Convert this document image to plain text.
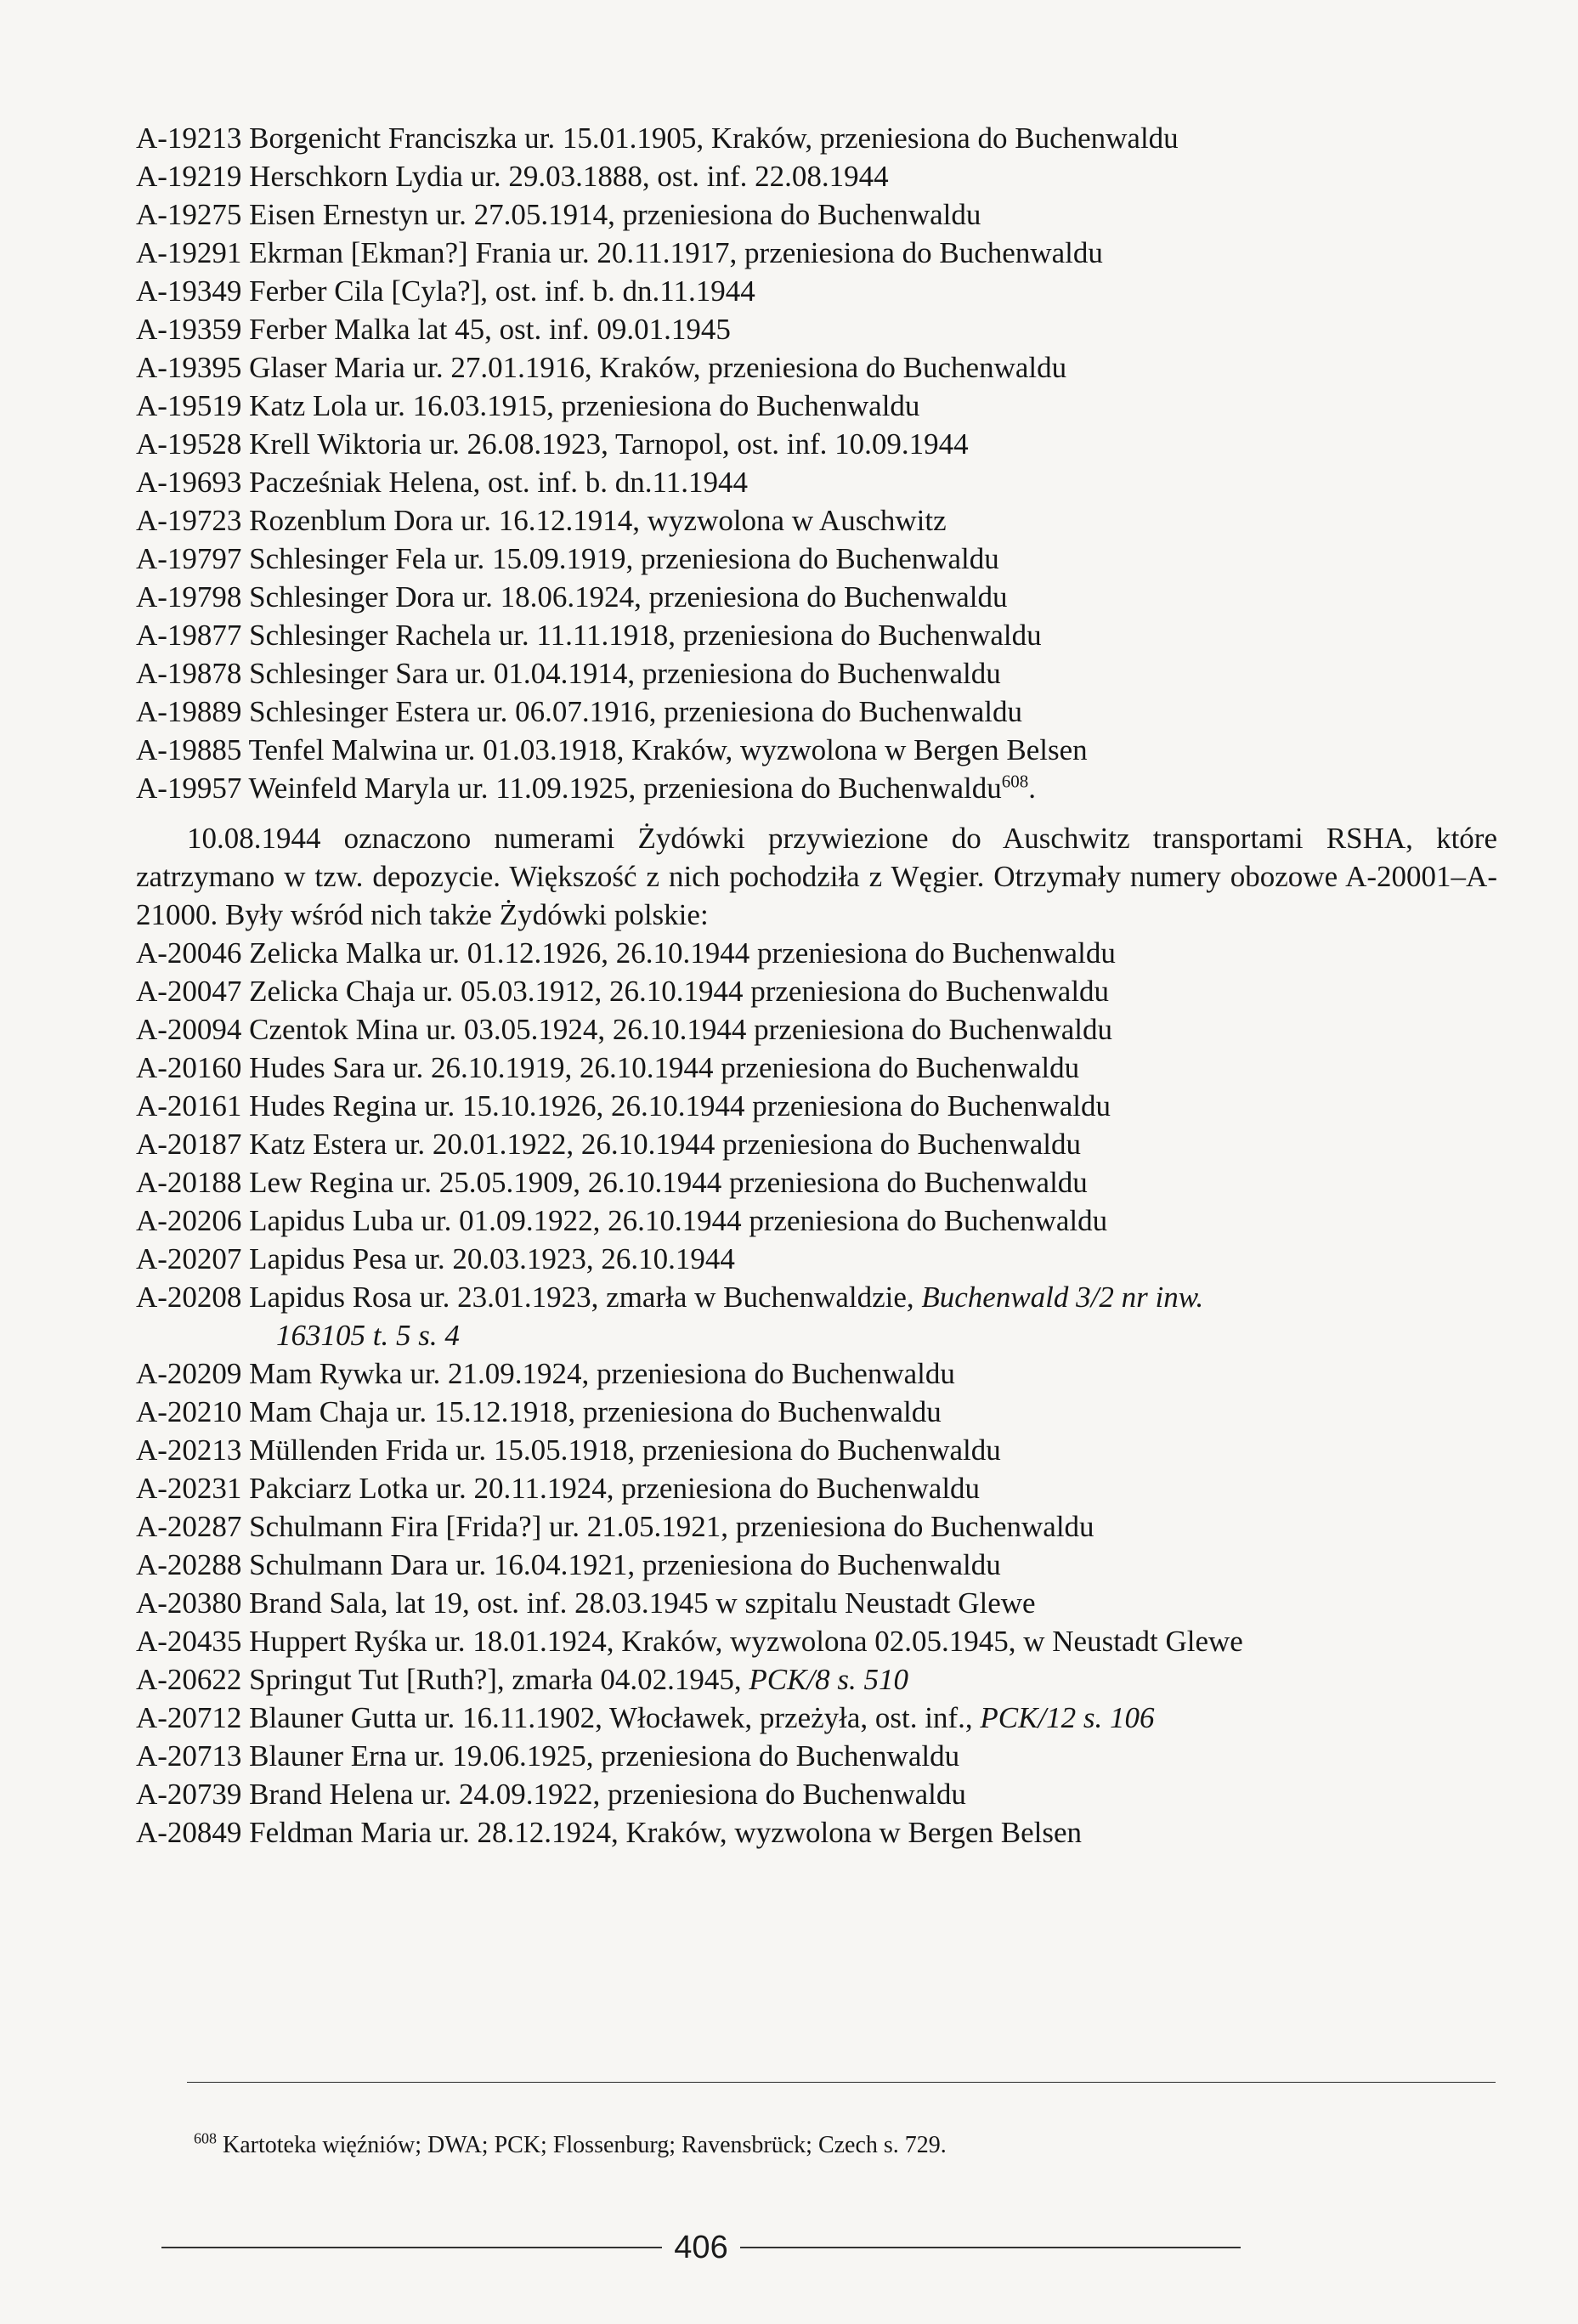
A-19213 Borgenicht Franciszka ur. 15.01.1905, Kraków, przeniesiona do Buchenwaldu
A-19219 Herschkorn Lydia ur. 29.03.1888, ost. inf. 22.08.1944
A-19275 Eisen Ernestyn ur. 27.05.1914, przeniesiona do Buchenwaldu
A-19291 Ekrman [Ekman?] Frania ur. 20.11.1917, przeniesiona do Buchenwaldu
A-19349 Ferber Cila [Cyla?], ost. inf. b. dn.11.1944
A-19359 Ferber Malka lat 45, ost. inf. 09.01.1945
A-19395 Glaser Maria ur. 27.01.1916, Kraków, przeniesiona do Buchenwaldu
A-19519 Katz Lola ur. 16.03.1915, przeniesiona do Buchenwaldu
A-19528 Krell Wiktoria ur. 26.08.1923, Tarnopol, ost. inf. 10.09.1944
A-19693 Pacześniak Helena, ost. inf. b. dn.11.1944
A-19723 Rozenblum Dora ur. 16.12.1914, wyzwolona w Auschwitz
A-19797 Schlesinger Fela ur. 15.09.1919, przeniesiona do Buchenwaldu
A-19798 Schlesinger Dora ur. 18.06.1924, przeniesiona do Buchenwaldu
A-19877 Schlesinger Rachela ur. 11.11.1918, przeniesiona do Buchenwaldu
A-19878 Schlesinger Sara ur. 01.04.1914, przeniesiona do Buchenwaldu
A-19889 Schlesinger Estera ur. 06.07.1916, przeniesiona do Buchenwaldu
A-19885 Tenfel Malwina ur. 01.03.1918, Kraków, wyzwolona w Bergen Belsen
A-19957 Weinfeld Maryla ur. 11.09.1925, przeniesiona do Buchenwaldu$^{608}$.
10.08.1944 oznaczono numerami Żydówki przywiezione do Auschwitz transportami RSHA, które zatrzymano w tzw. depozycie. Większość z nich pochodziła z Węgier. Otrzymały numery obozowe A-20001–A-21000. Były wśród nich także Żydówki polskie:
A-20046 Zelicka Malka ur. 01.12.1926, 26.10.1944 przeniesiona do Buchenwaldu
A-20047 Zelicka Chaja ur. 05.03.1912, 26.10.1944 przeniesiona do Buchenwaldu
A-20094 Czentok Mina ur. 03.05.1924, 26.10.1944 przeniesiona do Buchenwaldu
A-20160 Hudes Sara ur. 26.10.1919, 26.10.1944 przeniesiona do Buchenwaldu
A-20161 Hudes Regina ur. 15.10.1926, 26.10.1944 przeniesiona do Buchenwaldu
A-20187 Katz Estera ur. 20.01.1922, 26.10.1944 przeniesiona do Buchenwaldu
A-20188 Lew Regina ur. 25.05.1909, 26.10.1944 przeniesiona do Buchenwaldu
A-20206 Lapidus Luba ur. 01.09.1922, 26.10.1944 przeniesiona do Buchenwaldu
A-20207 Lapidus Pesa ur. 20.03.1923, 26.10.1944
A-20208 Lapidus Rosa ur. 23.01.1923, zmarła w Buchenwaldzie, Buchenwald 3/2 nr inw.
163105 t. 5 s. 4
A-20209 Mam Rywka ur. 21.09.1924, przeniesiona do Buchenwaldu
A-20210 Mam Chaja ur. 15.12.1918, przeniesiona do Buchenwaldu
A-20213 Müllenden Frida ur. 15.05.1918, przeniesiona do Buchenwaldu
A-20231 Pakciarz Lotka ur. 20.11.1924, przeniesiona do Buchenwaldu
A-20287 Schulmann Fira [Frida?] ur. 21.05.1921, przeniesiona do Buchenwaldu
A-20288 Schulmann Dara ur. 16.04.1921, przeniesiona do Buchenwaldu
A-20380 Brand Sala, lat 19, ost. inf. 28.03.1945 w szpitalu Neustadt Glewe
A-20435 Huppert Ryśka ur. 18.01.1924, Kraków, wyzwolona 02.05.1945, w Neustadt Glewe
A-20622 Springut Tut [Ruth?], zmarła 04.02.1945, PCK/8 s. 510
A-20712 Blauner Gutta ur. 16.11.1902, Włocławek, przeżyła, ost. inf., PCK/12 s. 106
A-20713 Blauner Erna ur. 19.06.1925, przeniesiona do Buchenwaldu
A-20739 Brand Helena ur. 24.09.1922, przeniesiona do Buchenwaldu
A-20849 Feldman Maria ur. 28.12.1924, Kraków, wyzwolona w Bergen Belsen
$^{608}$ Kartoteka więźniów; DWA; PCK; Flossenburg; Ravensbrück; Czech s. 729.
406
